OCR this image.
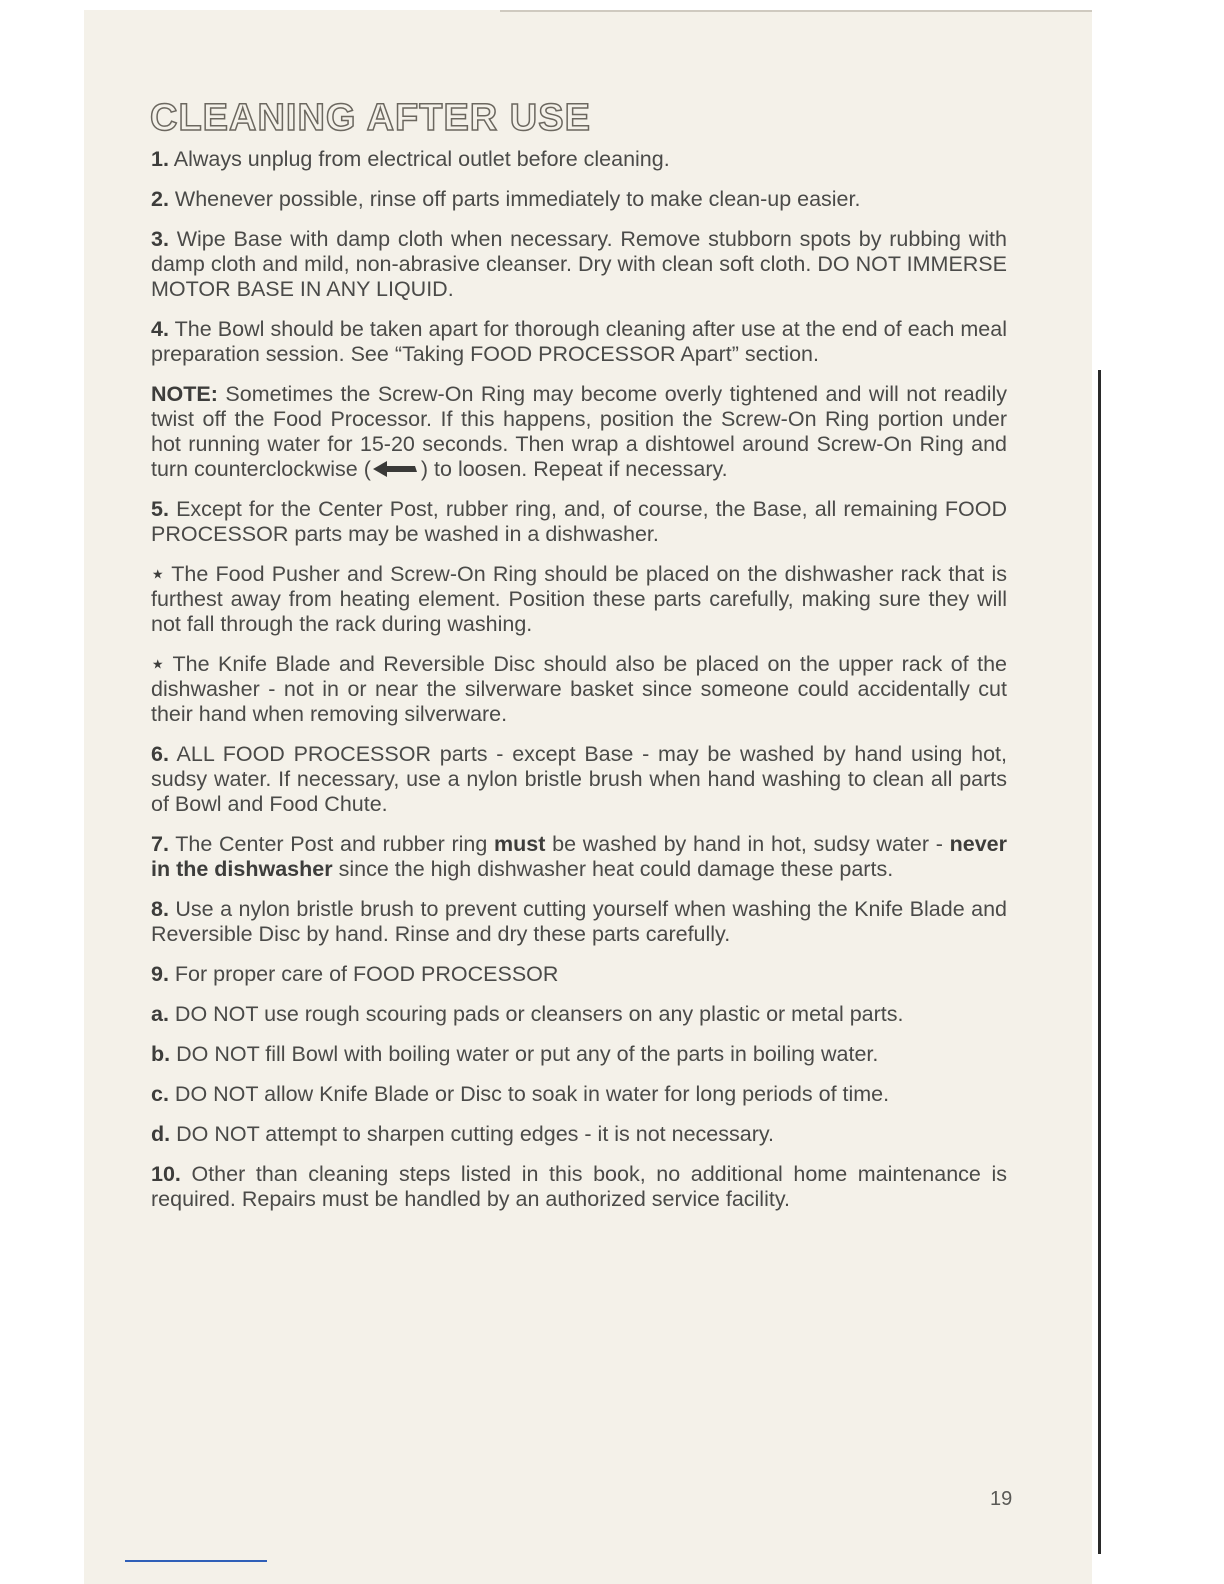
CLEANING AFTER USE

1. Always unplug from electrical outlet before cleaning.

2. Whenever possible, rinse off parts immediately to make clean-up easier.

3. Wipe Base with damp cloth when necessary. Remove stubborn spots by rubbing with damp cloth and mild, non-abrasive cleanser. Dry with clean soft cloth. DO NOT IMMERSE MOTOR BASE IN ANY LIQUID.

4. The Bowl should be taken apart for thorough cleaning after use at the end of each meal preparation session. See “Taking FOOD PROCESSOR Apart” section.

NOTE: Sometimes the Screw-On Ring may become overly tightened and will not readily twist off the Food Processor. If this happens, position the Screw-On Ring portion under hot running water for 15-20 seconds. Then wrap a dishtowel around Screw-On Ring and turn counterclockwise ( ) to loosen. Repeat if necessary.

5. Except for the Center Post, rubber ring, and, of course, the Base, all remaining FOOD PROCESSOR parts may be washed in a dishwasher.

⋆ The Food Pusher and Screw-On Ring should be placed on the dishwasher rack that is furthest away from heating element. Position these parts carefully, making sure they will not fall through the rack during washing.

⋆ The Knife Blade and Reversible Disc should also be placed on the upper rack of the dishwasher - not in or near the silverware basket since someone could accidentally cut their hand when removing silverware.

6. ALL FOOD PROCESSOR parts - except Base - may be washed by hand using hot, sudsy water. If necessary, use a nylon bristle brush when hand washing to clean all parts of Bowl and Food Chute.

7. The Center Post and rubber ring must be washed by hand in hot, sudsy water - never in the dishwasher since the high dishwasher heat could damage these parts.

8. Use a nylon bristle brush to prevent cutting yourself when washing the Knife Blade and Reversible Disc by hand. Rinse and dry these parts carefully.

9. For proper care of FOOD PROCESSOR

a. DO NOT use rough scouring pads or cleansers on any plastic or metal parts.

b. DO NOT fill Bowl with boiling water or put any of the parts in boiling water.

c. DO NOT allow Knife Blade or Disc to soak in water for long periods of time.

d. DO NOT attempt to sharpen cutting edges - it is not necessary.

10. Other than cleaning steps listed in this book, no additional home maintenance is required. Repairs must be handled by an authorized service facility.

19
